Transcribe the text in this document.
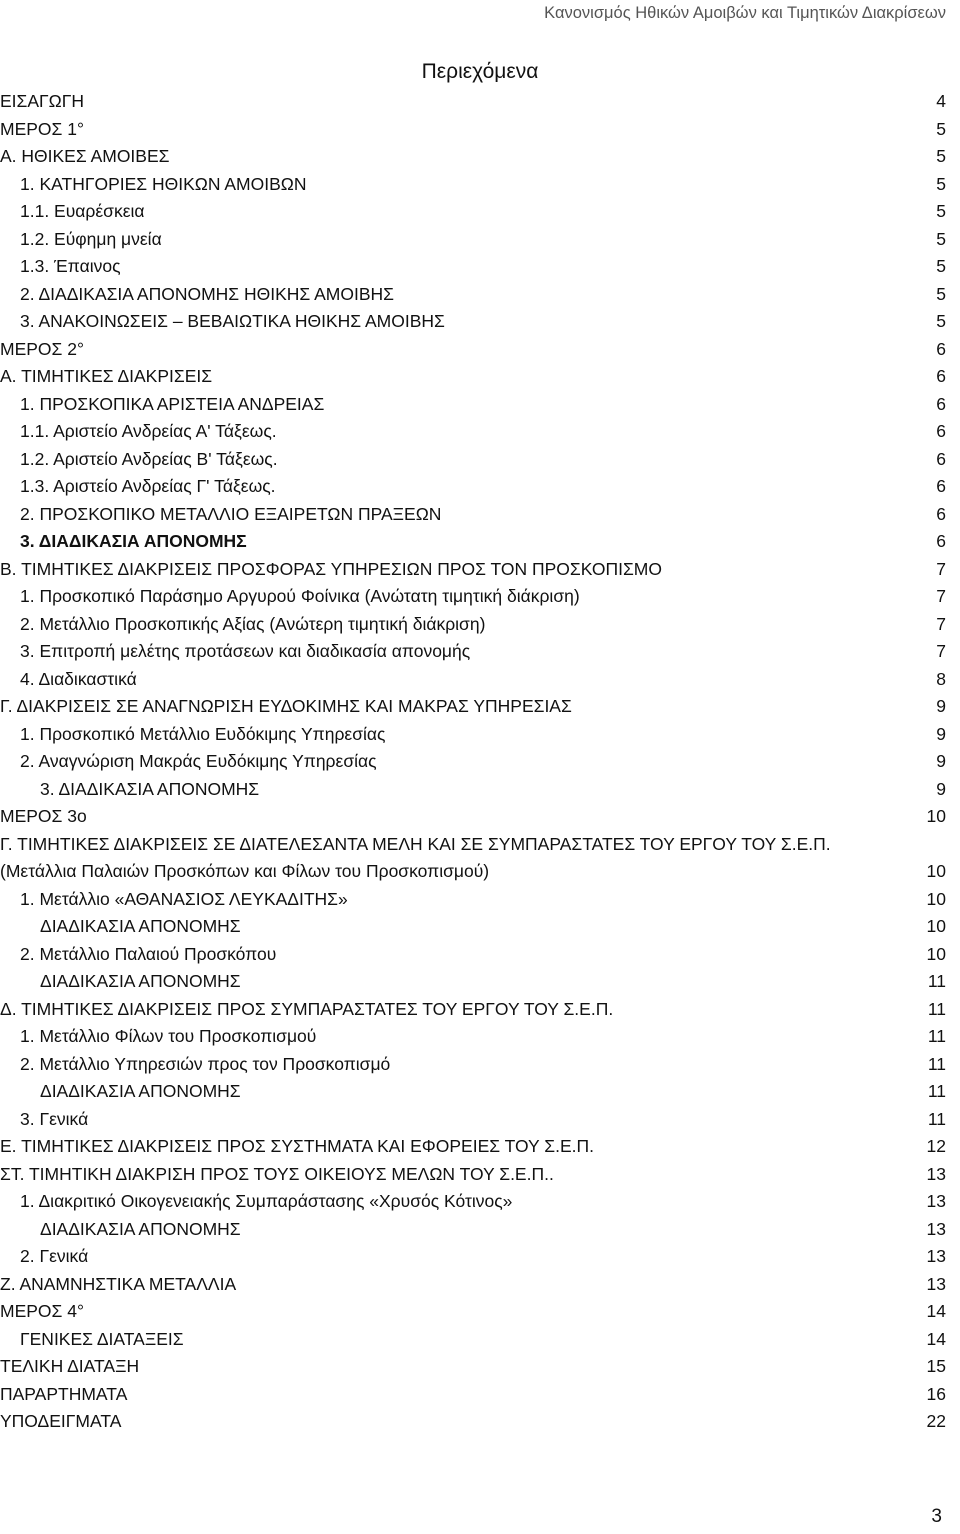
Κανονισμός Ηθικών Αμοιβών και Τιμητικών Διακρίσεων
Περιεχόμενα
ΕΙΣΑΓΩΓΗ	4
ΜΕΡΟΣ 1°	5
Α. ΗΘΙΚΕΣ ΑΜΟΙΒΕΣ	5
1. ΚΑΤΗΓΟΡΙΕΣ ΗΘΙΚΩΝ ΑΜΟΙΒΩΝ	5
1.1. Ευαρέσκεια	5
1.2. Εύφημη μνεία	5
1.3. Έπαινος	5
2. ΔΙΑΔΙΚΑΣΙΑ ΑΠΟΝΟΜΗΣ ΗΘΙΚΗΣ ΑΜΟΙΒΗΣ	5
3. ΑΝΑΚΟΙΝΩΣΕΙΣ – ΒΕΒΑΙΩΤΙΚΑ ΗΘΙΚΗΣ ΑΜΟΙΒΗΣ	5
ΜΕΡΟΣ 2°	6
Α. ΤΙΜΗΤΙΚΕΣ ΔΙΑΚΡΙΣΕΙΣ	6
1. ΠΡΟΣΚΟΠΙΚΑ ΑΡΙΣΤΕΙΑ ΑΝΔΡΕΙΑΣ	6
1.1. Αριστείο Ανδρείας Α' Τάξεως.	6
1.2. Αριστείο Ανδρείας Β' Τάξεως.	6
1.3. Αριστείο Ανδρείας Γ' Τάξεως.	6
2. ΠΡΟΣΚΟΠΙΚΟ ΜΕΤΑΛΛΙΟ ΕΞΑΙΡΕΤΩΝ ΠΡΑΞΕΩΝ	6
3. ΔΙΑΔΙΚΑΣΙΑ ΑΠΟΝΟΜΗΣ	6
Β. ΤΙΜΗΤΙΚΕΣ ΔΙΑΚΡΙΣΕΙΣ ΠΡΟΣΦΟΡΑΣ ΥΠΗΡΕΣΙΩΝ ΠΡΟΣ ΤΟΝ ΠΡΟΣΚΟΠΙΣΜΟ	7
1. Προσκοπικό Παράσημο Αργυρού Φοίνικα (Ανώτατη τιμητική διάκριση)	7
2. Μετάλλιο Προσκοπικής Αξίας (Ανώτερη τιμητική διάκριση)	7
3. Επιτροπή μελέτης προτάσεων και διαδικασία απονομής	7
4. Διαδικαστικά	8
Γ. ΔΙΑΚΡΙΣΕΙΣ ΣΕ ΑΝΑΓΝΩΡΙΣΗ ΕΥΔΟΚΙΜΗΣ ΚΑΙ ΜΑΚΡΑΣ ΥΠΗΡΕΣΙΑΣ	9
1. Προσκοπικό Μετάλλιο Ευδόκιμης Υπηρεσίας	9
2. Αναγνώριση Μακράς Ευδόκιμης Υπηρεσίας	9
3. ΔΙΑΔΙΚΑΣΙΑ ΑΠΟΝΟΜΗΣ	9
ΜΕΡΟΣ 3ο	10
Γ. ΤΙΜΗΤΙΚΕΣ ΔΙΑΚΡΙΣΕΙΣ ΣΕ ΔΙΑΤΕΛΕΣΑΝΤΑ ΜΕΛΗ ΚΑΙ ΣΕ ΣΥΜΠΑΡΑΣΤΑΤΕΣ ΤΟΥ ΕΡΓΟΥ ΤΟΥ Σ.Ε.Π.
(Μετάλλια Παλαιών Προσκόπων και Φίλων του Προσκοπισμού)	10
1. Μετάλλιο «ΑΘΑΝΑΣΙΟΣ ΛΕΥΚΑΔΙΤΗΣ»	10
ΔΙΑΔΙΚΑΣΙΑ ΑΠΟΝΟΜΗΣ	10
2. Μετάλλιο Παλαιού Προσκόπου	10
ΔΙΑΔΙΚΑΣΙΑ ΑΠΟΝΟΜΗΣ	11
Δ. ΤΙΜΗΤΙΚΕΣ ΔΙΑΚΡΙΣΕΙΣ ΠΡΟΣ ΣΥΜΠΑΡΑΣΤΑΤΕΣ ΤΟΥ ΕΡΓΟΥ ΤΟΥ Σ.Ε.Π.	11
1. Μετάλλιο Φίλων του Προσκοπισμού	11
2. Μετάλλιο Υπηρεσιών προς τον Προσκοπισμό	11
ΔΙΑΔΙΚΑΣΙΑ ΑΠΟΝΟΜΗΣ	11
3. Γενικά	11
Ε. ΤΙΜΗΤΙΚΕΣ ΔΙΑΚΡΙΣΕΙΣ ΠΡΟΣ ΣΥΣΤΗΜΑΤΑ ΚΑΙ ΕΦΟΡΕΙΕΣ ΤΟΥ Σ.Ε.Π.	12
ΣΤ. ΤΙΜΗΤΙΚΗ ΔΙΑΚΡΙΣΗ ΠΡΟΣ ΤΟΥΣ ΟΙΚΕΙΟΥΣ ΜΕΛΩΝ ΤΟΥ Σ.Ε.Π..	13
1. Διακριτικό Οικογενειακής Συμπαράστασης «Χρυσός Κότινος»	13
ΔΙΑΔΙΚΑΣΙΑ ΑΠΟΝΟΜΗΣ	13
2. Γενικά	13
Ζ. ΑΝΑΜΝΗΣΤΙΚΑ ΜΕΤΑΛΛΙΑ	13
ΜΕΡΟΣ 4°	14
ΓΕΝΙΚΕΣ ΔΙΑΤΑΞΕΙΣ	14
ΤΕΛΙΚΗ ΔΙΑΤΑΞΗ	15
ΠΑΡΑΡΤΗΜΑΤΑ	16
ΥΠΟΔΕΙΓΜΑΤΑ	22
3
